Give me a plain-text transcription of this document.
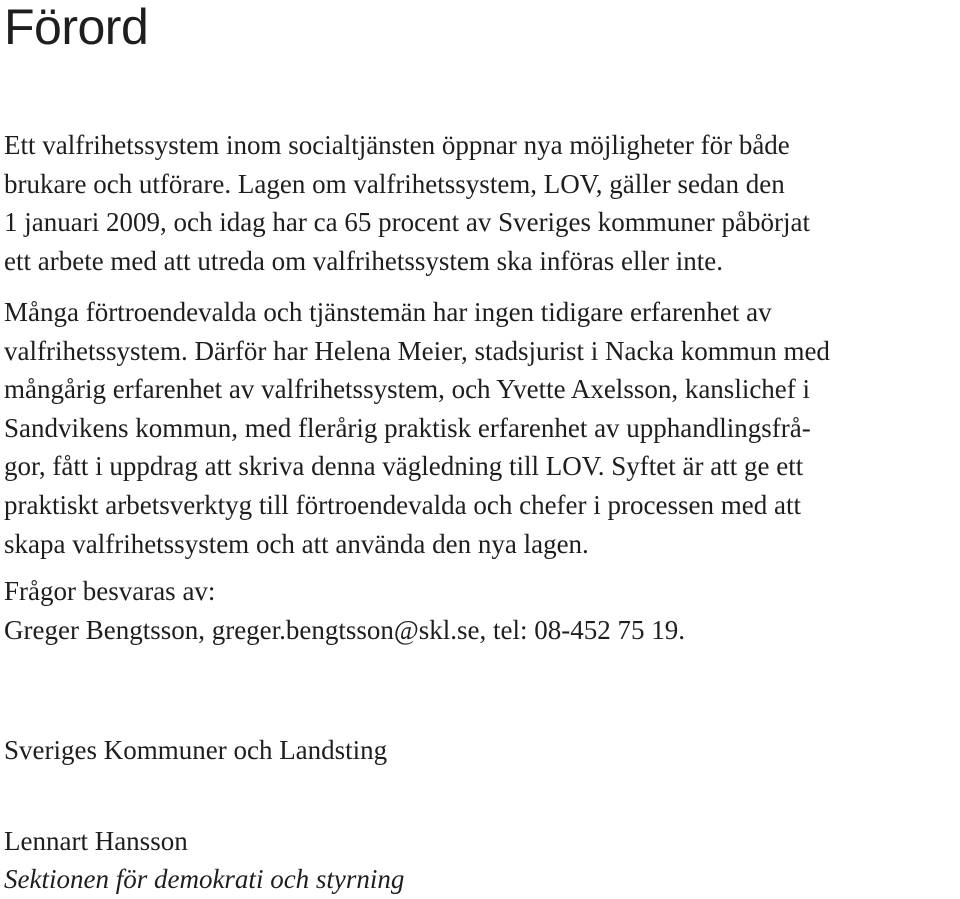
Förord

Ett valfrihetssystem inom socialtjänsten öppnar nya möjligheter för både
brukare och utförare. Lagen om valfrihetssystem, LOV, gäller sedan den
1 januari 2009, och idag har ca 65 procent av Sveriges kommuner påbörjat
ett arbete med att utreda om valfrihetssystem ska införas eller inte.

Många förtroendevalda och tjänstemän har ingen tidigare erfarenhet av
valfrihetssystem. Därför har Helena Meier, stadsjurist i Nacka kommun med
mångårig erfarenhet av valfrihetssystem, och Yvette Axelsson, kanslichef i
Sandvikens kommun, med flerårig praktisk erfarenhet av upphandlingsfrå-
gor, fått i uppdrag att skriva denna vägledning till LOV. Syftet är att ge ett
praktiskt arbetsverktyg till förtroendevalda och chefer i processen med att
skapa valfrihetssystem och att använda den nya lagen.

Frågor besvaras av:
Greger Bengtsson, greger.bengtsson@skl.se, tel: 08-452 75 19.

Sveriges Kommuner och Landsting

Lennart Hansson

Sektionen för demokrati och styrning
